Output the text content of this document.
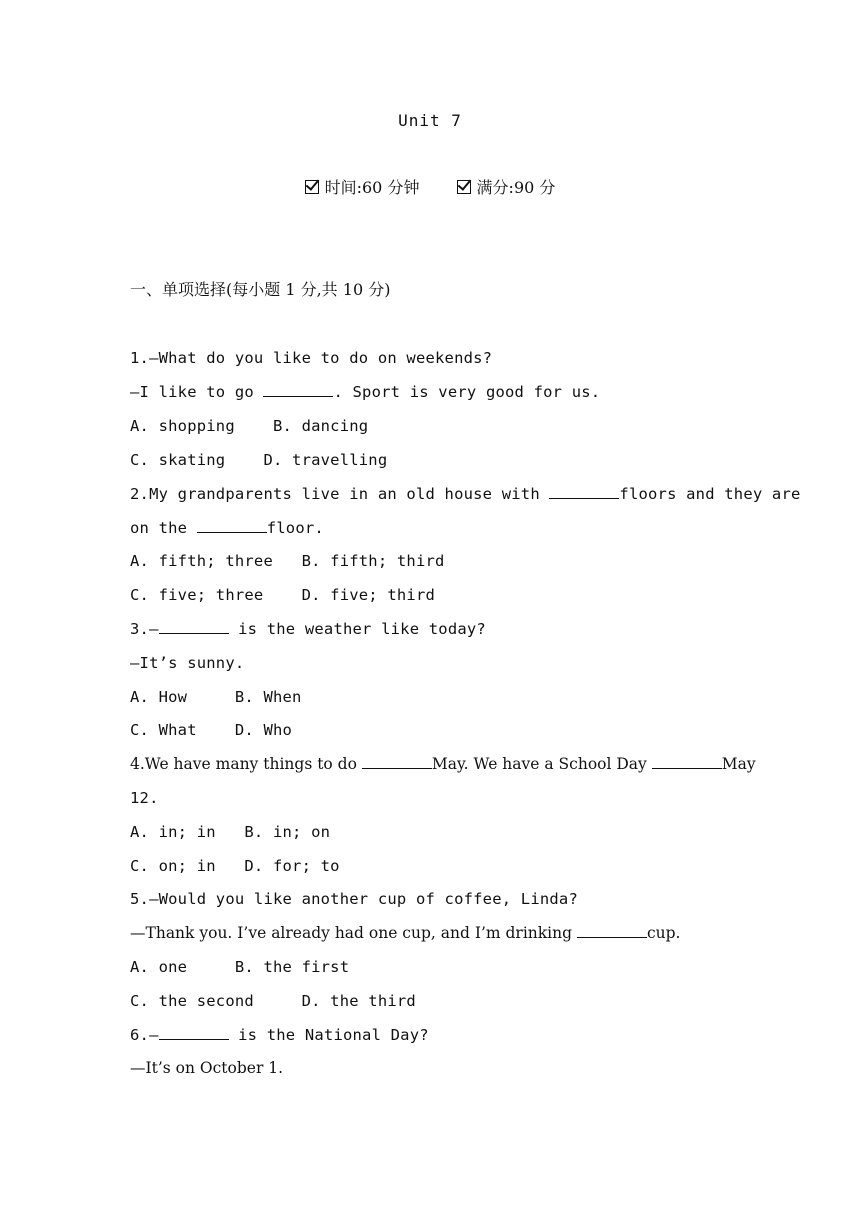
Unit 7
时间:60 分钟	满分:90 分
一、单项选择(每小题 1 分,共 10 分)
1.—What do you like to do on weekends?
—I like to go	. Sport is very good for us.
A. shopping    B. dancing
C. skating    D. travelling
2.My grandparents live in an old house with	floors and they are
on the	floor.
A. fifth; three   B. fifth; third
C. five; three    D. five; third
3.—	is the weather like today?
—It’s sunny.
A. How     B. When
C. What    D. Who
4.We have many things to do	May. We have a School Day	May
12.
A. in; in   B. in; on
C. on; in   D. for; to
5.—Would you like another cup of coffee, Linda?
—Thank you. I’ve already had one cup, and I’m drinking	cup.
A. one     B. the first
C. the second     D. the third
6.—	is the National Day?
—It’s on October 1.
